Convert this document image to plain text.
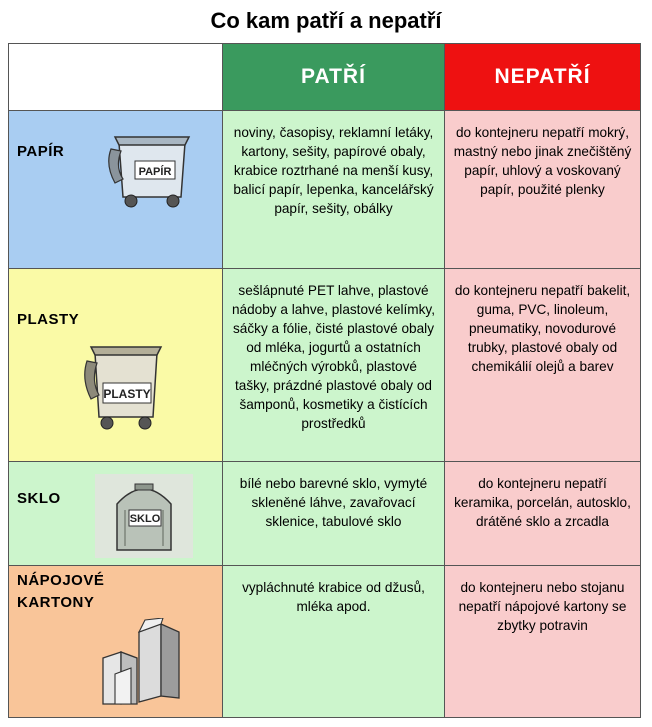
Co kam patří a nepatří
	PATŘÍ	NEPATŘÍ

PAPÍR
PAPÍR	noviny, časopisy, reklamní letáky, kartony, sešity, papírové obaly, krabice roztrhané na menší kusy, balicí papír, lepenka, kancelářský papír, sešity, obálky	do kontejneru nepatří mokrý, mastný nebo jinak znečištěný papír, uhlový a voskovaný papír, použité plenky

PLASTY
PLASTY	sešlápnuté PET lahve, plastové nádoby a lahve, plastové kelímky, sáčky a fólie, čisté plastové obaly od mléka, jogurtů a ostatních mléčných výrobků, plastové tašky, prázdné plastové obaly od šamponů, kosmetiky a čistících prostředků	do kontejneru nepatří bakelit, guma, PVC, linoleum, pneumatiky, novodurové trubky, plastové obaly od chemikálií olejů a barev

SKLO
SKLO	bílé nebo barevné sklo, vymyté skleněné láhve, zavařovací sklenice, tabulové sklo	do kontejneru nepatří keramika, porcelán, autosklo, drátěné sklo a zrcadla

NÁPOJOVÉ
KARTONY	vypláchnuté krabice od džusů, mléka apod.	do kontejneru nebo stojanu nepatří nápojové kartony se zbytky potravin
